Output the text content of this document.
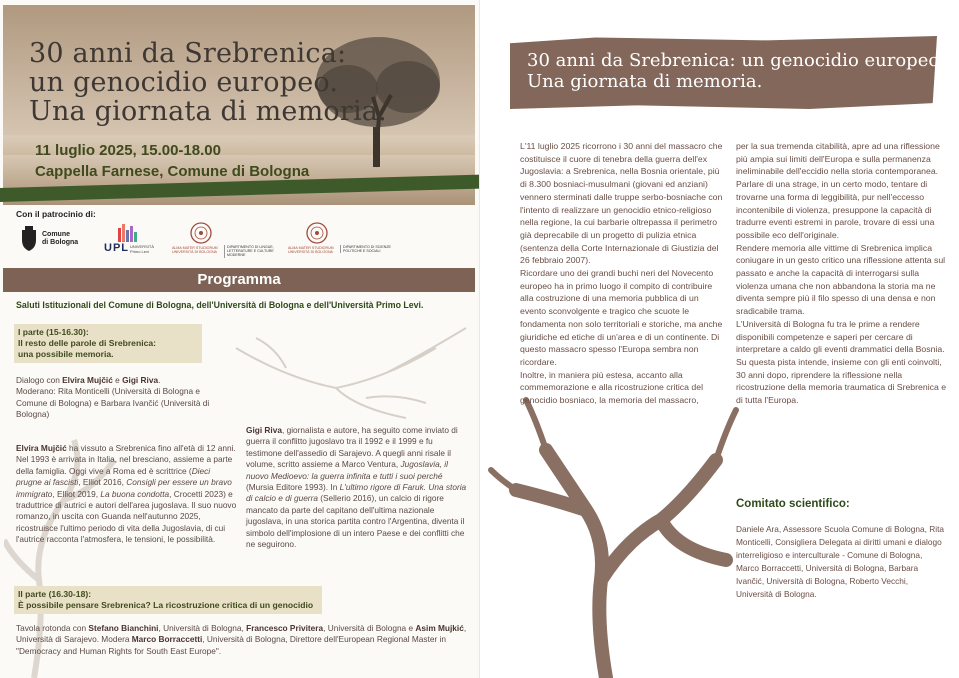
30 anni da Srebrenica:
un genocidio europeo.
Una giornata di memoria.
11 luglio 2025, 15.00-18.00
Cappella Farnese, Comune di Bologna
Con il patrocinio di:
Comune
di Bologna UPL UNIVERSITÀ Primo Levi
ALMA MATER STUDIORUM UNIVERSITÀ DI BOLOGNA
DIPARTIMENTO DI LINGUE, LETTERATURE E CULTURE MODERNE
ALMA MATER STUDIORUM UNIVERSITÀ DI BOLOGNA
DIPARTIMENTO DI SCIENZE POLITICHE E SOCIALI
Programma
Saluti Istituzionali del Comune di Bologna, dell'Università di Bologna e dell'Università Primo Levi.
I parte (15-16.30):
Il resto delle parole di Srebrenica:
una possibile memoria.
Dialogo con Elvira Mujčić e Gigi Riva.
Moderano: Rita Monticelli (Università di Bologna e Comune di Bologna) e Barbara Ivančić (Università di Bologna)
Elvira Mujčić ha vissuto a Srebrenica fino all'età di 12 anni. Nel 1993 è arrivata in Italia, nel bresciano, assieme a parte della famiglia. Oggi vive a Roma ed è scrittrice (Dieci prugne ai fascisti, Elliot 2016, Consigli per essere un bravo immigrato, Elliot 2019, La buona condotta, Crocetti 2023) e traduttrice di autrici e autori dell'area jugoslava. Il suo nuovo romanzo, in uscita con Guanda nell'autunno 2025, ricostruisce l'ultimo periodo di vita della Jugoslavia, di cui l'autrice racconta l'atmosfera, le tensioni, le possibilità.
Gigi Riva, giornalista e autore, ha seguito come inviato di guerra il conflitto jugoslavo tra il 1992 e il 1999 e fu testimone dell'assedio di Sarajevo. A quegli anni risale il volume, scritto assieme a Marco Ventura, Jugoslavia, il nuovo Medioevo: la guerra infinita e tutti i suoi perché (Mursia Editore 1993). In L'ultimo rigore di Faruk. Una storia di calcio e di guerra (Sellerio 2016), un calcio di rigore mancato da parte del capitano dell'ultima nazionale jugoslava, in una storica partita contro l'Argentina, diventa il simbolo dell'implosione di un intero Paese e dei conflitti che ne seguirono.
II parte (16.30-18):
È possibile pensare Srebrenica? La ricostruzione critica di un genocidio
Tavola rotonda con Stefano Bianchini, Università di Bologna, Francesco Privitera, Università di Bologna e Asim Mujkić, Università di Sarajevo. Modera Marco Borraccetti, Università di Bologna, Direttore dell'European Regional Master in "Democracy and Human Rights for South East Europe".
30 anni da Srebrenica: un genocidio europeo.
Una giornata di memoria.
L'11 luglio 2025 ricorrono i 30 anni del massacro che costituisce il cuore di tenebra della guerra dell'ex Jugoslavia: a Srebrenica, nella Bosnia orientale, più di 8.300 bosniaci-musulmani (giovani ed anziani) vennero sterminati dalle truppe serbo-bosniache con l'intento di realizzare un genocidio etnico-religioso nella regione, la cui barbarie oltrepassa il perimetro già deprecabile di un progetto di pulizia etnica (sentenza della Corte Internazionale di Giustizia del 26 febbraio 2007).
Ricordare uno dei grandi buchi neri del Novecento europeo ha in primo luogo il compito di contribuire alla costruzione di una memoria pubblica di un evento sconvolgente e tragico che scuote le fondamenta non solo territoriali e storiche, ma anche giuridiche ed etiche di un'area e di un continente. Di questo massacro spesso l'Europa sembra non ricordare.
Inoltre, in maniera più estesa, accanto alla commemorazione e alla ricostruzione critica del genocidio bosniaco, la memoria del massacro,
per la sua tremenda citabilità, apre ad una riflessione più ampia sui limiti dell'Europa e sulla permanenza ineliminabile dell'eccidio nella storia contemporanea. Parlare di una strage, in un certo modo, tentare di trovarne una forma di leggibilità, pur nell'eccesso incontenibile di violenza, presuppone la capacità di tradurre eventi estremi in parole, trovare di essi una possibile eco dell'originale.
Rendere memoria alle vittime di Srebrenica implica coniugare in un gesto critico una riflessione attenta sul passato e anche la capacità di interrogarsi sulla violenza umana che non abbandona la storia ma ne diventa sempre più il filo spesso di una densa e non sradicabile trama.
L'Università di Bologna fu tra le prime a rendere disponibili competenze e saperi per cercare di interpretare a caldo gli eventi drammatici della Bosnia. Su questa pista intende, insieme con gli enti coinvolti, 30 anni dopo, riprendere la riflessione nella ricostruzione della memoria traumatica di Srebrenica e di tutta l'Europa.
Comitato scientifico:
Daniele Ara, Assessore Scuola Comune di Bologna, Rita Monticelli, Consigliera Delegata ai diritti umani e dialogo interreligioso e interculturale - Comune di Bologna, Marco Borraccetti, Università di Bologna, Barbara Ivančić, Università di Bologna, Roberto Vecchi, Università di Bologna.
